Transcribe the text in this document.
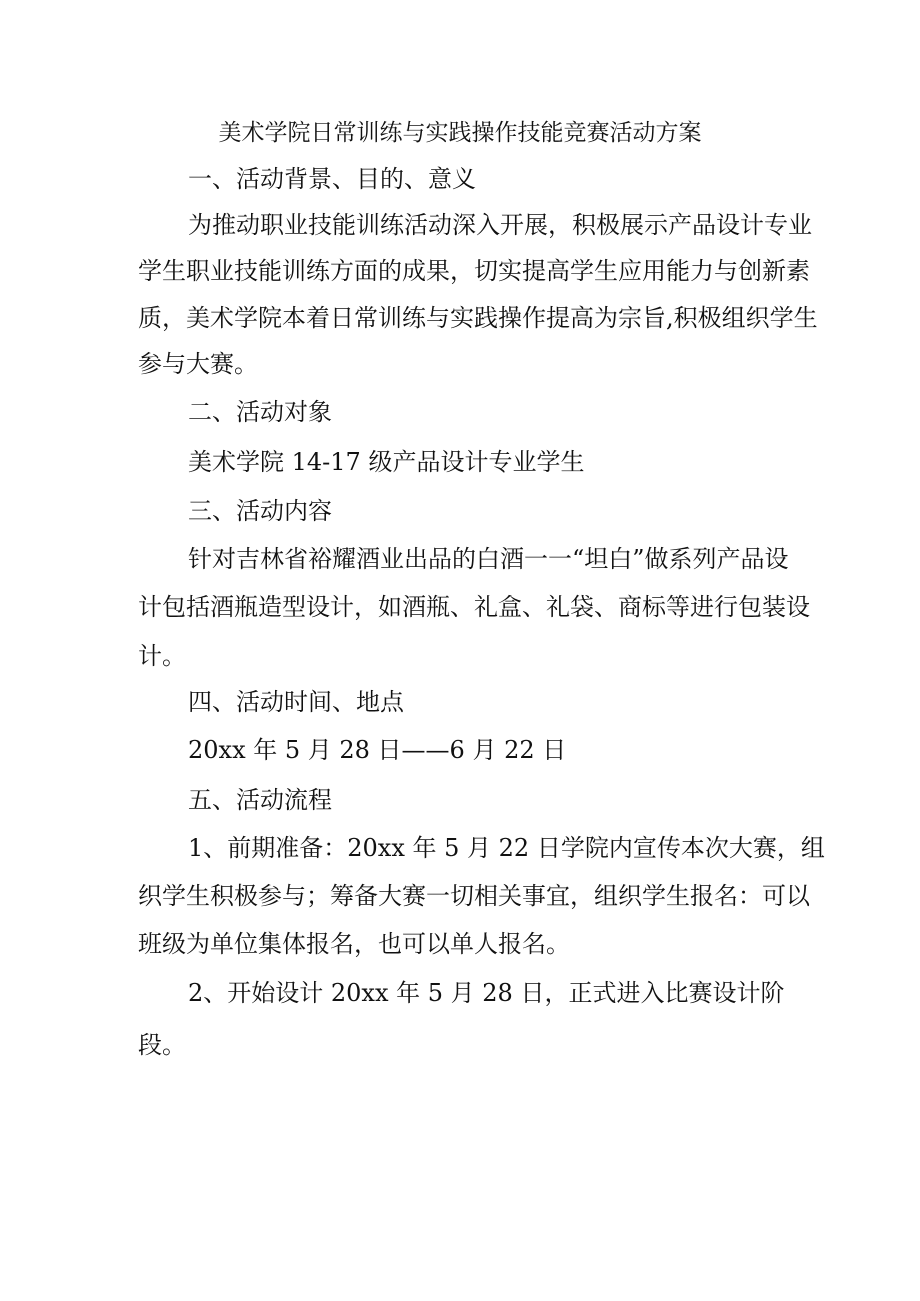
美术学院日常训练与实践操作技能竞赛活动方案

一、活动背景、目的、意义

为推动职业技能训练活动深入开展，积极展示产品设计专业

学生职业技能训练方面的成果，切实提高学生应用能力与创新素

质，美术学院本着日常训练与实践操作提高为宗旨,积极组织学生

参与大赛。

二、活动对象

美术学院 14-17 级产品设计专业学生

三、活动内容

针对吉林省裕耀酒业出品的白酒一一“坦白”做系列产品设

计包括酒瓶造型设计，如酒瓶、礼盒、礼袋、商标等进行包装设

计。

四、活动时间、地点

20xx 年 5 月 28 日——6 月 22 日

五、活动流程

1、前期准备：20xx 年 5 月 22 日学院内宣传本次大赛，组

织学生积极参与；筹备大赛一切相关事宜，组织学生报名：可以

班级为单位集体报名，也可以单人报名。

2、开始设计 20xx 年 5 月 28 日，正式进入比赛设计阶

段。
